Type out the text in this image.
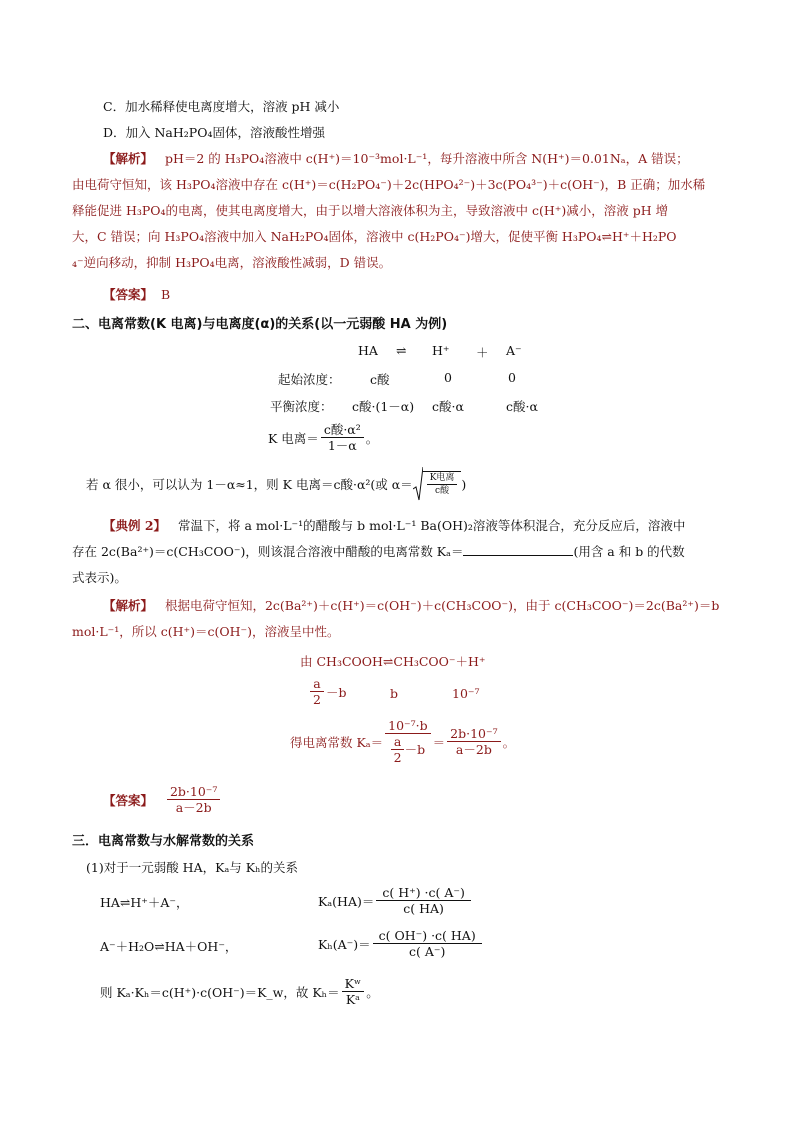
C．加水稀释使电离度增大，溶液 pH 减小
D．加入 NaH₂PO₄固体，溶液酸性增强
【解析】 pH＝2 的 H₃PO₄溶液中 c(H⁺)＝10⁻³mol·L⁻¹，每升溶液中所含 N(H⁺)＝0.01Nₐ，A 错误；
由电荷守恒知，该 H₃PO₄溶液中存在 c(H⁺)＝c(H₂PO₄⁻)＋2c(HPO₄²⁻)＋3c(PO₄³⁻)＋c(OH⁻)，B 正确；加水稀
释能促进 H₃PO₄的电离，使其电离度增大，由于以增大溶液体积为主，导致溶液中 c(H⁺)减小，溶液 pH 增
大，C 错误；向 H₃PO₄溶液中加入 NaH₂PO₄固体，溶液中 c(H₂PO₄⁻)增大，促使平衡 H₃PO₄⇌H⁺＋H₂PO
₄⁻逆向移动，抑制 H₃PO₄电离，溶液酸性减弱，D 错误。
【答案】 B
二、电离常数(K 电离)与电离度(α)的关系(以一元弱酸 HA 为例)
HA ⇌ H⁺ ＋ A⁻
起始浓度： c酸	0	0
平衡浓度： c酸·(1－α) c酸·α	c酸·α
K 电离＝ $\frac{\text{c酸·α²}}{1-\alpha}$ 。
若 α 很小，可以认为 1－α≈1，则 K 电离＝c酸·α²(或 $\alpha= \frac{\text{K电离}}{\text{c酸}}$ )
【典例 2】 常温下，将 a mol·L⁻¹的醋酸与 b mol·L⁻¹ Ba(OH)₂溶液等体积混合，充分反应后，溶液中
存在 2c(Ba²⁺)＝c(CH₃COO⁻)，则该混合溶液中醋酸的电离常数 Kₐ＝	(用含 a 和 b 的代数
式表示)。
【解析】 根据电荷守恒知，2c(Ba²⁺)＋c(H⁺)＝c(OH⁻)＋c(CH₃COO⁻)，由于 c(CH₃COO⁻)＝2c(Ba²⁺)＝b
mol·L⁻¹，所以 c(H⁺)＝c(OH⁻)，溶液呈中性。
由 CH₃COOH⇌CH₃COO⁻＋H⁺
$\frac{a}{2} -b$	b	10⁻⁷
得电离常数 $K_a= \frac{\text{10⁻⁷·b}}{\frac{a}{2} -b} = \frac{\text{2b·10⁻⁷}}{a-2b}$ 。
【答案】
$\frac{\text{2b·10⁻⁷}}{a-2b}$
三．电离常数与水解常数的关系
(1)对于一元弱酸 HA，Kₐ与 Kₕ的关系
HA⇌H⁺＋A⁻，	$K_a(HA)= \frac{c( H^+) \cdot c( A^-)}{c( HA)}$
A⁻＋H₂O⇌HA＋OH⁻，	$K_h(A^-)= \frac{c( OH^-) \cdot c( HA)}{c( A^-)}$
则 Kₐ·Kₕ＝c(H⁺)·c(OH⁻)＝K_w，故 $K_h= \frac{\text{Kʷ}}{\text{Kᵃ}}$ 。
